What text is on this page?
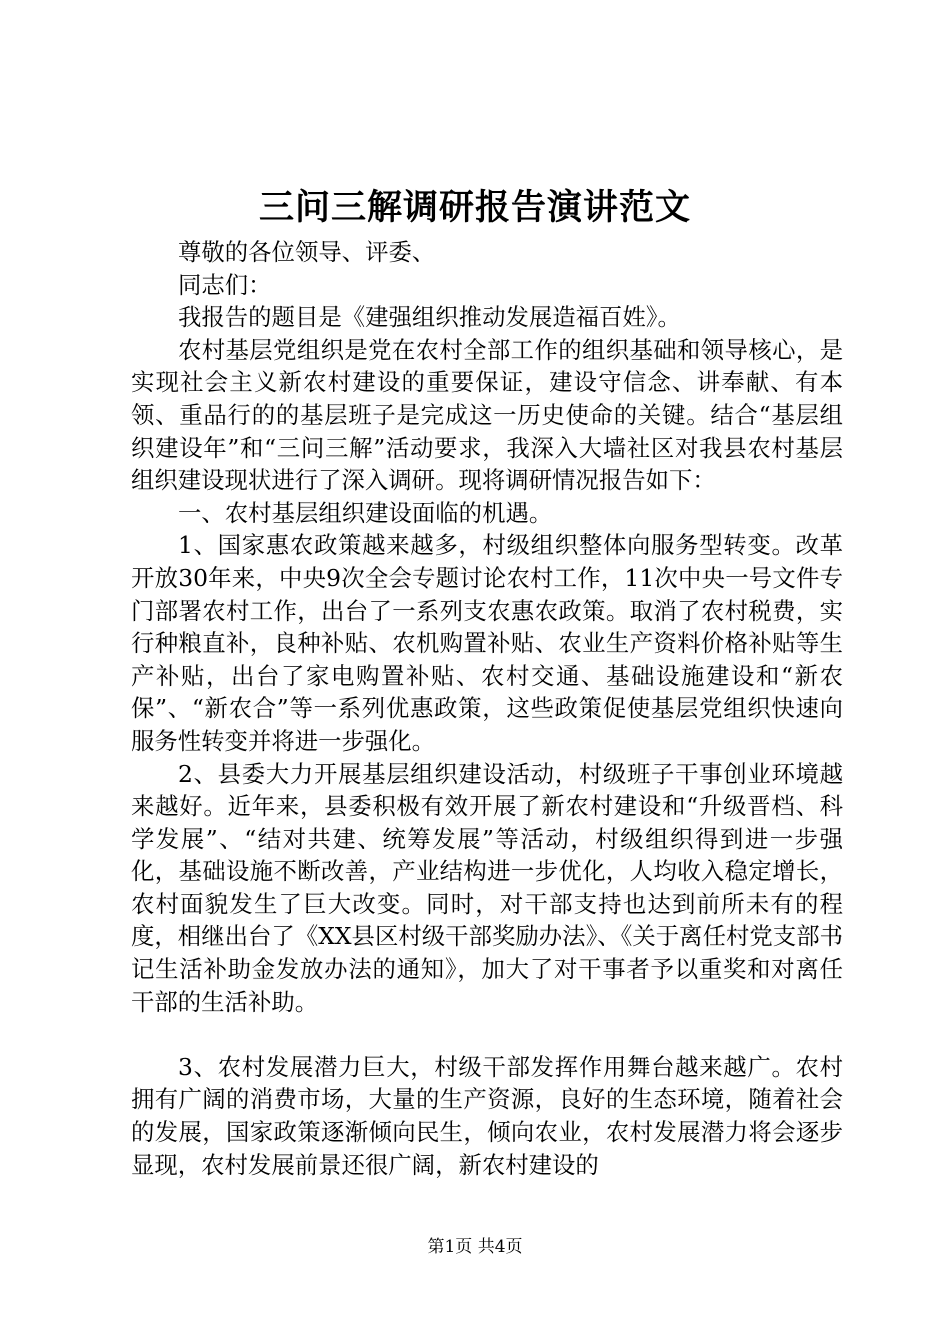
三问三解调研报告演讲范文

尊敬的各位领导、评委、

同志们：

我报告的题目是《建强组织推动发展造福百姓》。

农村基层党组织是党在农村全部工作的组织基础和领导核心，是实现社会主义新农村建设的重要保证，建设守信念、讲奉献、有本领、重品行的的基层班子是完成这一历史使命的关键。结合“基层组织建设年”和“三问三解”活动要求，我深入大墙社区对我县农村基层组织建设现状进行了深入调研。现将调研情况报告如下：

一、农村基层组织建设面临的机遇。

1、国家惠农政策越来越多，村级组织整体向服务型转变。改革开放30年来，中央9次全会专题讨论农村工作，11次中央一号文件专门部署农村工作，出台了一系列支农惠农政策。取消了农村税费，实行种粮直补，良种补贴、农机购置补贴、农业生产资料价格补贴等生产补贴，出台了家电购置补贴、农村交通、基础设施建设和“新农保”、“新农合”等一系列优惠政策，这些政策促使基层党组织快速向服务性转变并将进一步强化。

2、县委大力开展基层组织建设活动，村级班子干事创业环境越来越好。近年来，县委积极有效开展了新农村建设和“升级晋档、科学发展”、“结对共建、统筹发展”等活动，村级组织得到进一步强化，基础设施不断改善，产业结构进一步优化，人均收入稳定增长，农村面貌发生了巨大改变。同时，对干部支持也达到前所未有的程度，相继出台了《XX县区村级干部奖励办法》、《关于离任村党支部书记生活补助金发放办法的通知》，加大了对干事者予以重奖和对离任干部的生活补助。

3、农村发展潜力巨大，村级干部发挥作用舞台越来越广。农村拥有广阔的消费市场，大量的生产资源，良好的生态环境，随着社会的发展，国家政策逐渐倾向民生，倾向农业，农村发展潜力将会逐步显现，农村发展前景还很广阔，新农村建设的

第1页 共4页
